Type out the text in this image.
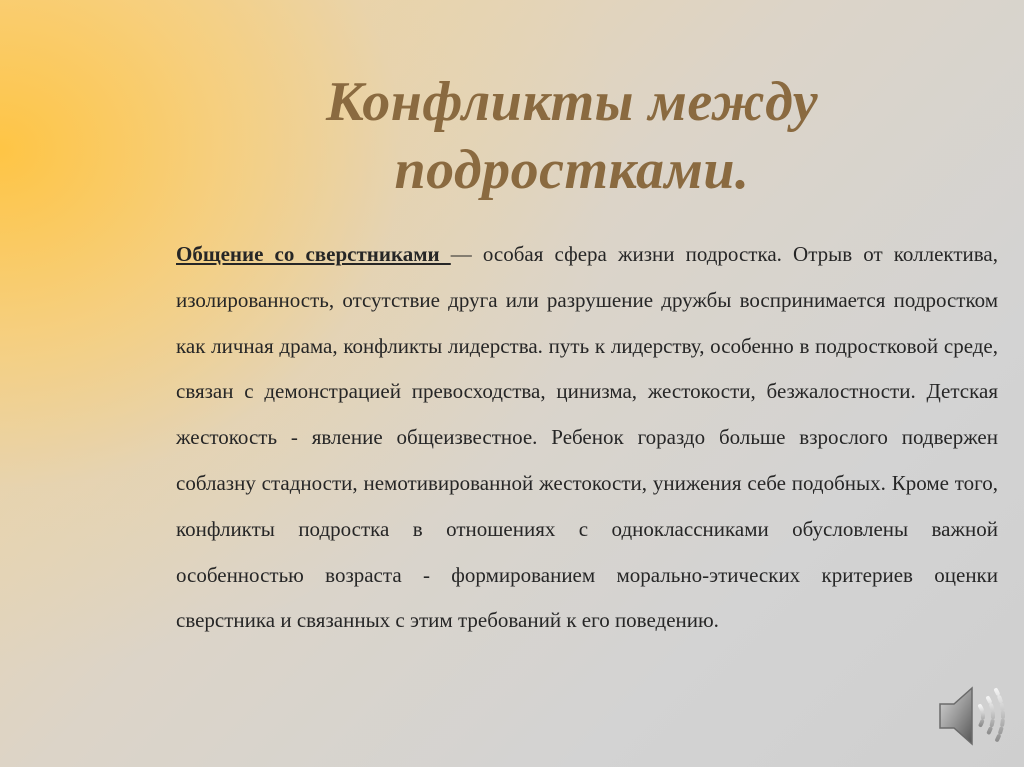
Конфликты между
подростками.
Общение со сверстниками — особая сфера жизни подростка. Отрыв от коллектива, изолированность, отсутствие друга или разрушение дружбы воспринимается подростком как личная драма, конфликты лидерства. путь к лидерству, особенно в подростковой среде, связан с демонстрацией превосходства, цинизма, жестокости, безжалостности. Детская жестокость - явление общеизвестное. Ребенок гораздо больше взрослого подвержен соблазну стадности, немотивированной жестокости, унижения себе подобных. Кроме того, конфликты подростка в отношениях с одноклассниками обусловлены важной особенностью возраста - формированием морально-этических критериев оценки сверстника и связанных с этим требований к его поведению.
